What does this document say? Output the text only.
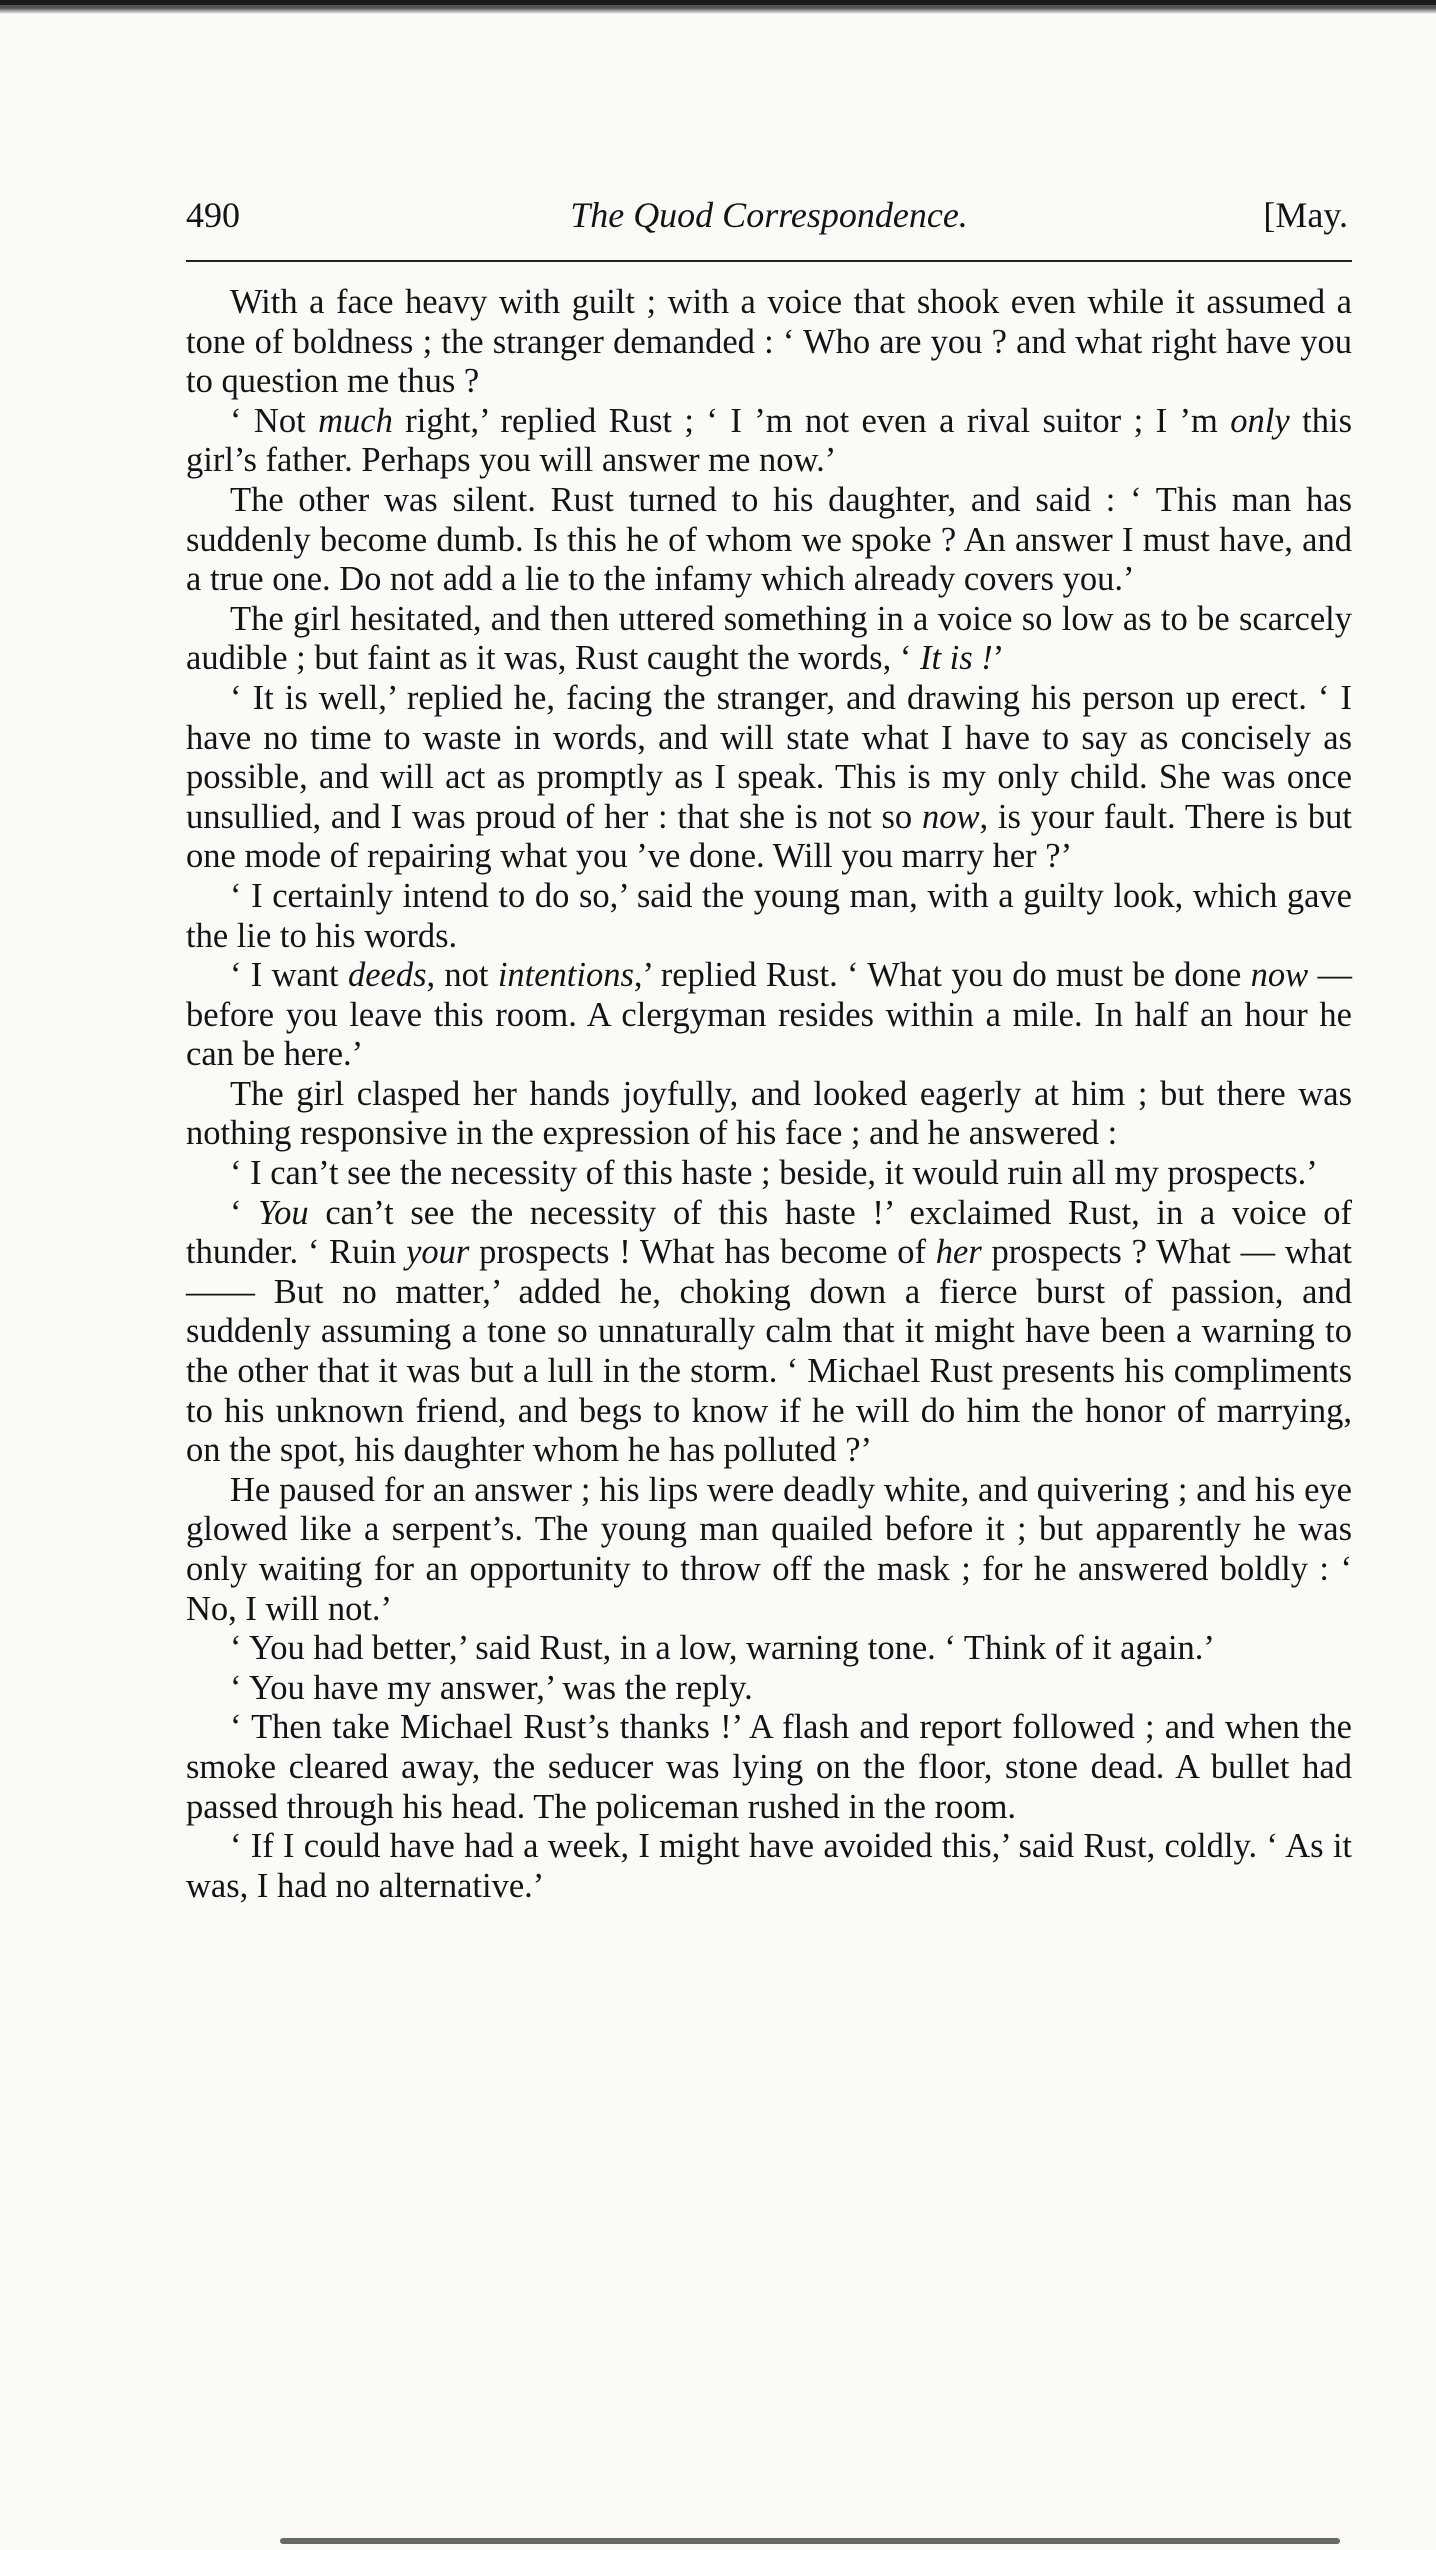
490	The Quod Correspondence.	[May.

With a face heavy with guilt ; with a voice that shook even while it assumed a tone of boldness ; the stranger demanded : ‘ Who are you ? and what right have you to question me thus ?

‘ Not much right,’ replied Rust ; ‘ I ’m not even a rival suitor ; I ’m only this girl’s father. Perhaps you will answer me now.’

The other was silent. Rust turned to his daughter, and said : ‘ This man has suddenly become dumb. Is this he of whom we spoke ? An answer I must have, and a true one. Do not add a lie to the infamy which already covers you.’

The girl hesitated, and then uttered something in a voice so low as to be scarcely audible ; but faint as it was, Rust caught the words, ‘ It is !’

‘ It is well,’ replied he, facing the stranger, and drawing his person up erect. ‘ I have no time to waste in words, and will state what I have to say as concisely as possible, and will act as promptly as I speak. This is my only child. She was once unsullied, and I was proud of her : that she is not so now, is your fault. There is but one mode of repairing what you ’ve done. Will you marry her ?’

‘ I certainly intend to do so,’ said the young man, with a guilty look, which gave the lie to his words.

‘ I want deeds, not intentions,’ replied Rust. ‘ What you do must be done now — before you leave this room. A clergyman resides within a mile. In half an hour he can be here.’

The girl clasped her hands joyfully, and looked eagerly at him ; but there was nothing responsive in the expression of his face ; and he answered :

‘ I can’t see the necessity of this haste ; beside, it would ruin all my prospects.’

‘ You can’t see the necessity of this haste !’ exclaimed Rust, in a voice of thunder. ‘ Ruin your prospects ! What has become of her prospects ? What — what —— But no matter,’ added he, choking down a fierce burst of passion, and suddenly assuming a tone so unnaturally calm that it might have been a warning to the other that it was but a lull in the storm. ‘ Michael Rust presents his compliments to his unknown friend, and begs to know if he will do him the honor of marrying, on the spot, his daughter whom he has polluted ?’

He paused for an answer ; his lips were deadly white, and quivering ; and his eye glowed like a serpent’s. The young man quailed before it ; but apparently he was only waiting for an opportunity to throw off the mask ; for he answered boldly : ‘ No, I will not.’

‘ You had better,’ said Rust, in a low, warning tone. ‘ Think of it again.’

‘ You have my answer,’ was the reply.

‘ Then take Michael Rust’s thanks !’ A flash and report followed ; and when the smoke cleared away, the seducer was lying on the floor, stone dead. A bullet had passed through his head. The policeman rushed in the room.

‘ If I could have had a week, I might have avoided this,’ said Rust, coldly. ‘ As it was, I had no alternative.’
